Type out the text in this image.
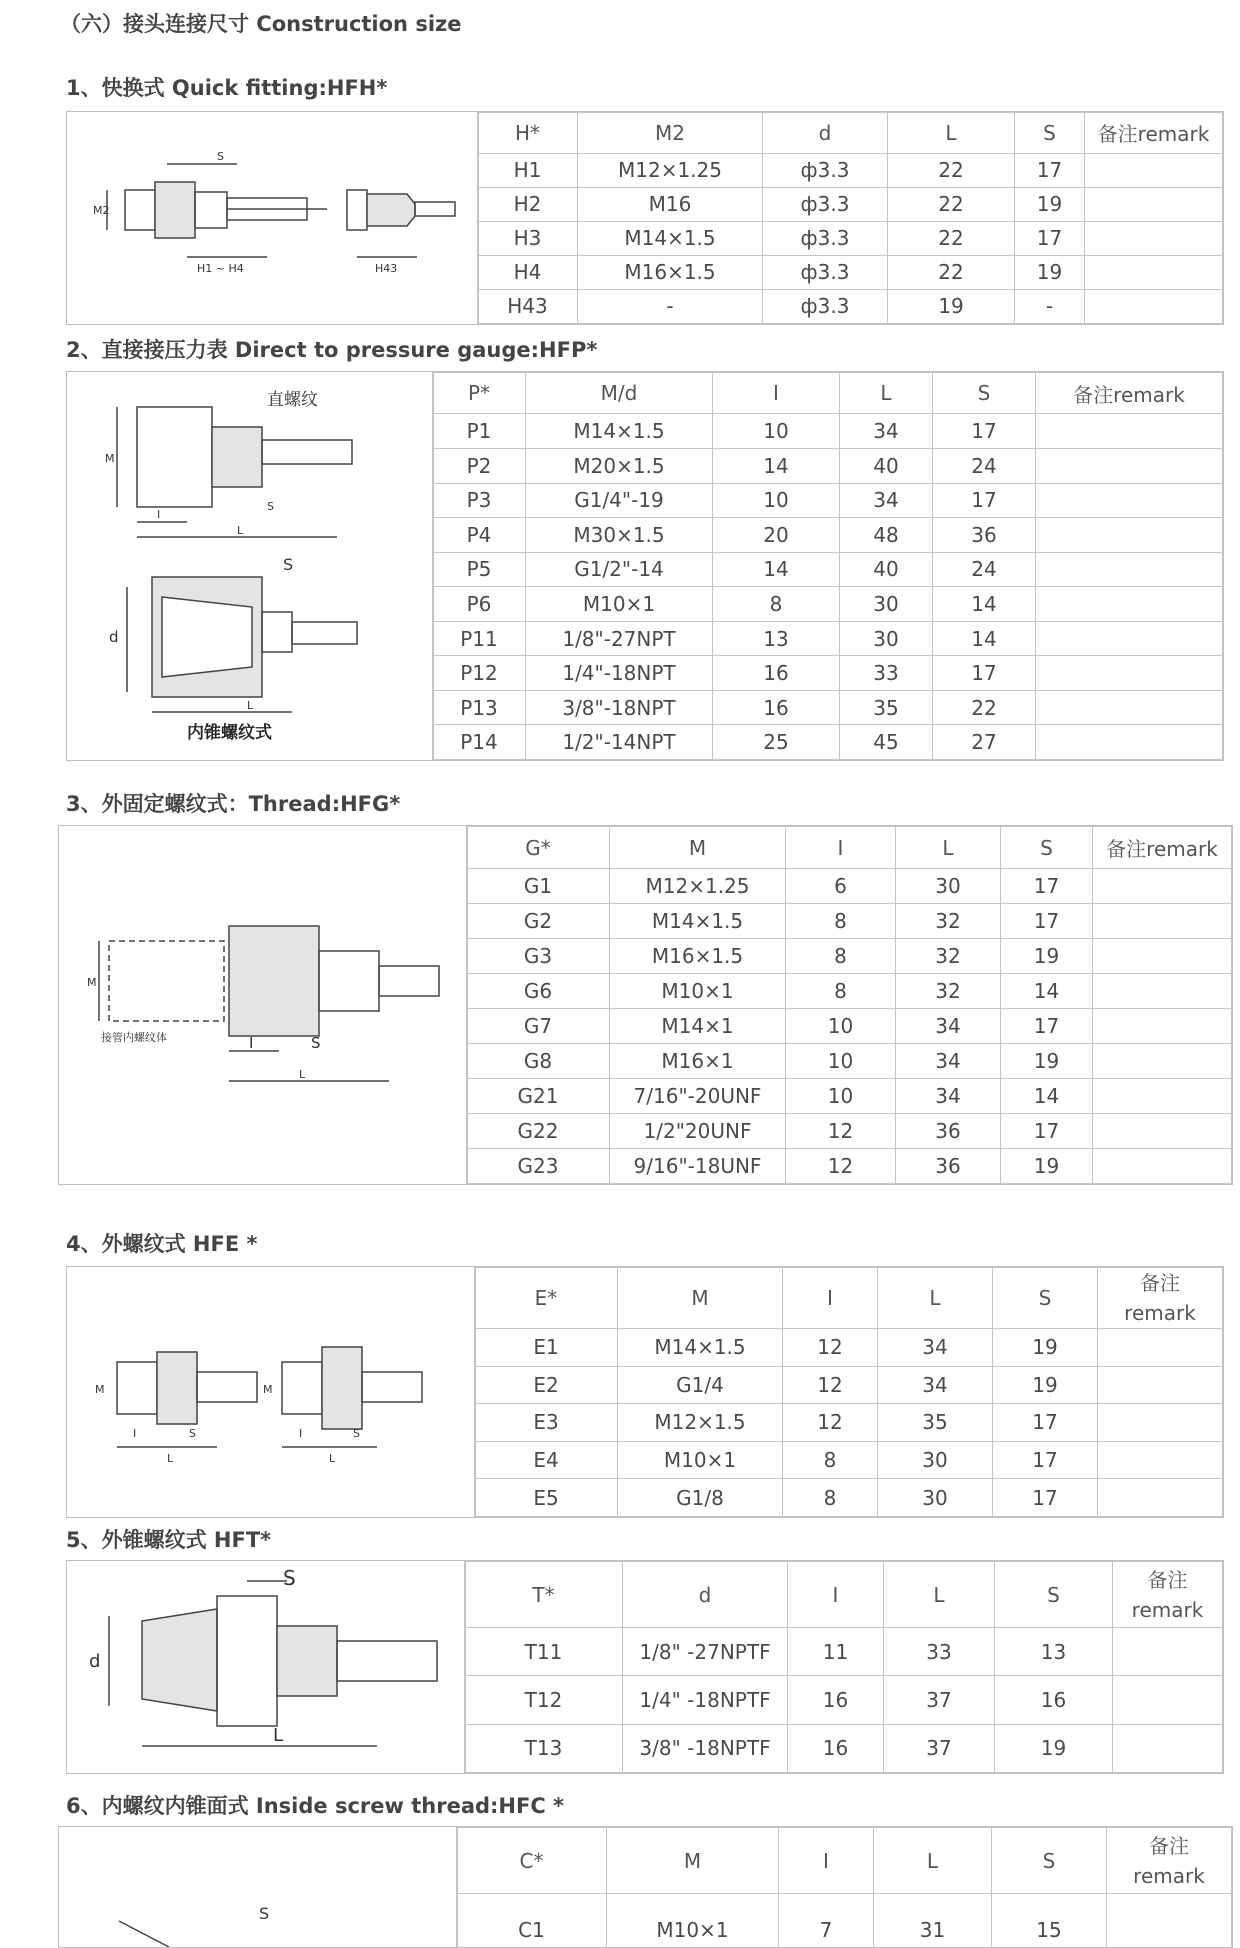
（六）接头连接尺寸 Construction size
1、快换式 Quick fitting:HFH*
S
M2
H1 ~ H4	H43
H*	M2	d	L	S	备注remark
H1	M12×1.25	ф3.3	22	17	
H2	M16	ф3.3	22	19	
H3	M14×1.5	ф3.3	22	17	
H4	M16×1.5	ф3.3	22	19	
H43	-	ф3.3	19	-	
2、直接接压力表 Direct to pressure gauge:HFP*
直螺纹
M
I
L
S
S
d
L
内锥螺纹式
P*	M/d	I	L	S	备注remark
P1	M14×1.5	10	34	17	
P2	M20×1.5	14	40	24	
P3	G1/4"-19	10	34	17	
P4	M30×1.5	20	48	36	
P5	G1/2"-14	14	40	24	
P6	M10×1	8	30	14	
P11	1/8"-27NPT	13	30	14	
P12	1/4"-18NPT	16	33	17	
P13	3/8"-18NPT	16	35	22	
P14	1/2"-14NPT	25	45	27	
3、外固定螺纹式：Thread:HFG*
M
I	S
L
接管内螺纹体
G*	M	I	L	S	备注remark
G1	M12×1.25	6	30	17	
G2	M14×1.5	8	32	17	
G3	M16×1.5	8	32	19	
G6	M10×1	8	32	14	
G7	M14×1	10	34	17	
G8	M16×1	10	34	19	
G21	7/16"-20UNF	10	34	14	
G22	1/2"20UNF	12	36	17	
G23	9/16"-18UNF	12	36	19	
4、外螺纹式 HFE *
M
I	S
L
M
I	S
L
E*	M	I	L	S	备注
remark
E1	M14×1.5	12	34	19	
E2	G1/4	12	34	19	
E3	M12×1.5	12	35	17	
E4	M10×1	8	30	17	
E5	G1/8	8	30	17	
5、外锥螺纹式 HFT*
S
d
L
T*	d	I	L	S	备注
remark
T11	1/8" -27NPTF	11	33	13	
T12	1/4" -18NPTF	16	37	16	
T13	3/8" -18NPTF	16	37	19	
6、内螺纹内锥面式 Inside screw thread:HFC *
S
C*	M	I	L	S	备注
remark
C1	M10×1	7	31	15	
